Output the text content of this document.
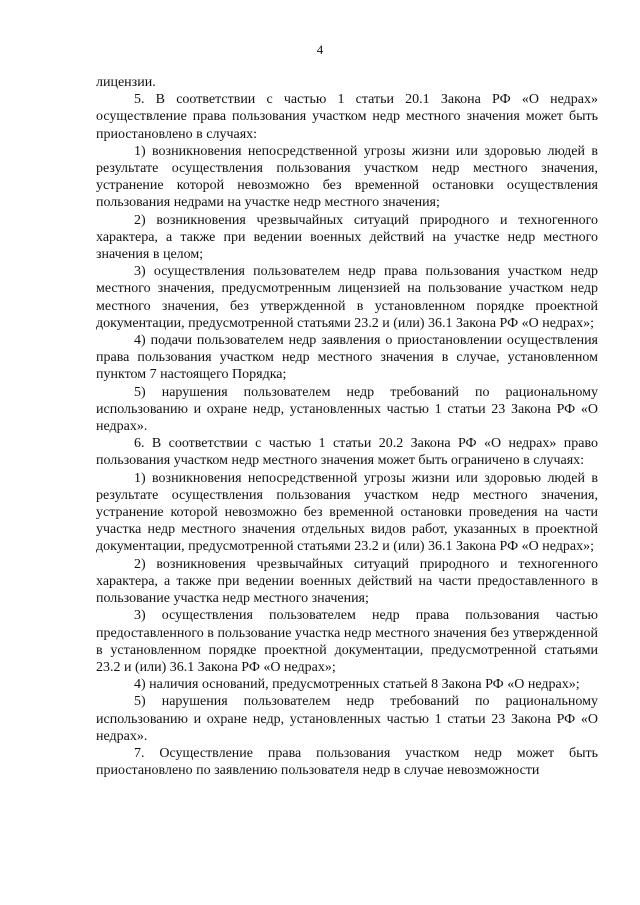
4

лицензии.

5. В соответствии с частью 1 статьи 20.1 Закона РФ «О недрах» осуществление права пользования участком недр местного значения может быть приостановлено в случаях:

1) возникновения непосредственной угрозы жизни или здоровью людей в результате осуществления пользования участком недр местного значения, устранение которой невозможно без временной остановки осуществления пользования недрами на участке недр местного значения;

2) возникновения чрезвычайных ситуаций природного и техногенного характера, а также при ведении военных действий на участке недр местного значения в целом;

3) осуществления пользователем недр права пользования участком недр местного значения, предусмотренным лицензией на пользование участком недр местного значения, без утвержденной в установленном порядке проектной документации, предусмотренной статьями 23.2 и (или) 36.1 Закона РФ «О недрах»;

4) подачи пользователем недр заявления о приостановлении осуществления права пользования участком недр местного значения в случае, установленном пунктом 7 настоящего Порядка;

5) нарушения пользователем недр требований по рациональному использованию и охране недр, установленных частью 1 статьи 23 Закона РФ «О недрах».

6. В соответствии с частью 1 статьи 20.2 Закона РФ «О недрах» право пользования участком недр местного значения может быть ограничено в случаях:

1) возникновения непосредственной угрозы жизни или здоровью людей в результате осуществления пользования участком недр местного значения, устранение которой невозможно без временной остановки проведения на части участка недр местного значения отдельных видов работ, указанных в проектной документации, предусмотренной статьями 23.2 и (или) 36.1 Закона РФ «О недрах»;

2) возникновения чрезвычайных ситуаций природного и техногенного характера, а также при ведении военных действий на части предоставленного в пользование участка недр местного значения;

3) осуществления пользователем недр права пользования частью предоставленного в пользование участка недр местного значения без утвержденной в установленном порядке проектной документации, предусмотренной статьями 23.2 и (или) 36.1 Закона РФ «О недрах»;

4) наличия оснований, предусмотренных статьей 8 Закона РФ «О недрах»;

5) нарушения пользователем недр требований по рациональному использованию и охране недр, установленных частью 1 статьи 23 Закона РФ «О недрах».

7. Осуществление права пользования участком недр может быть приостановлено по заявлению пользователя недр в случае невозможности
